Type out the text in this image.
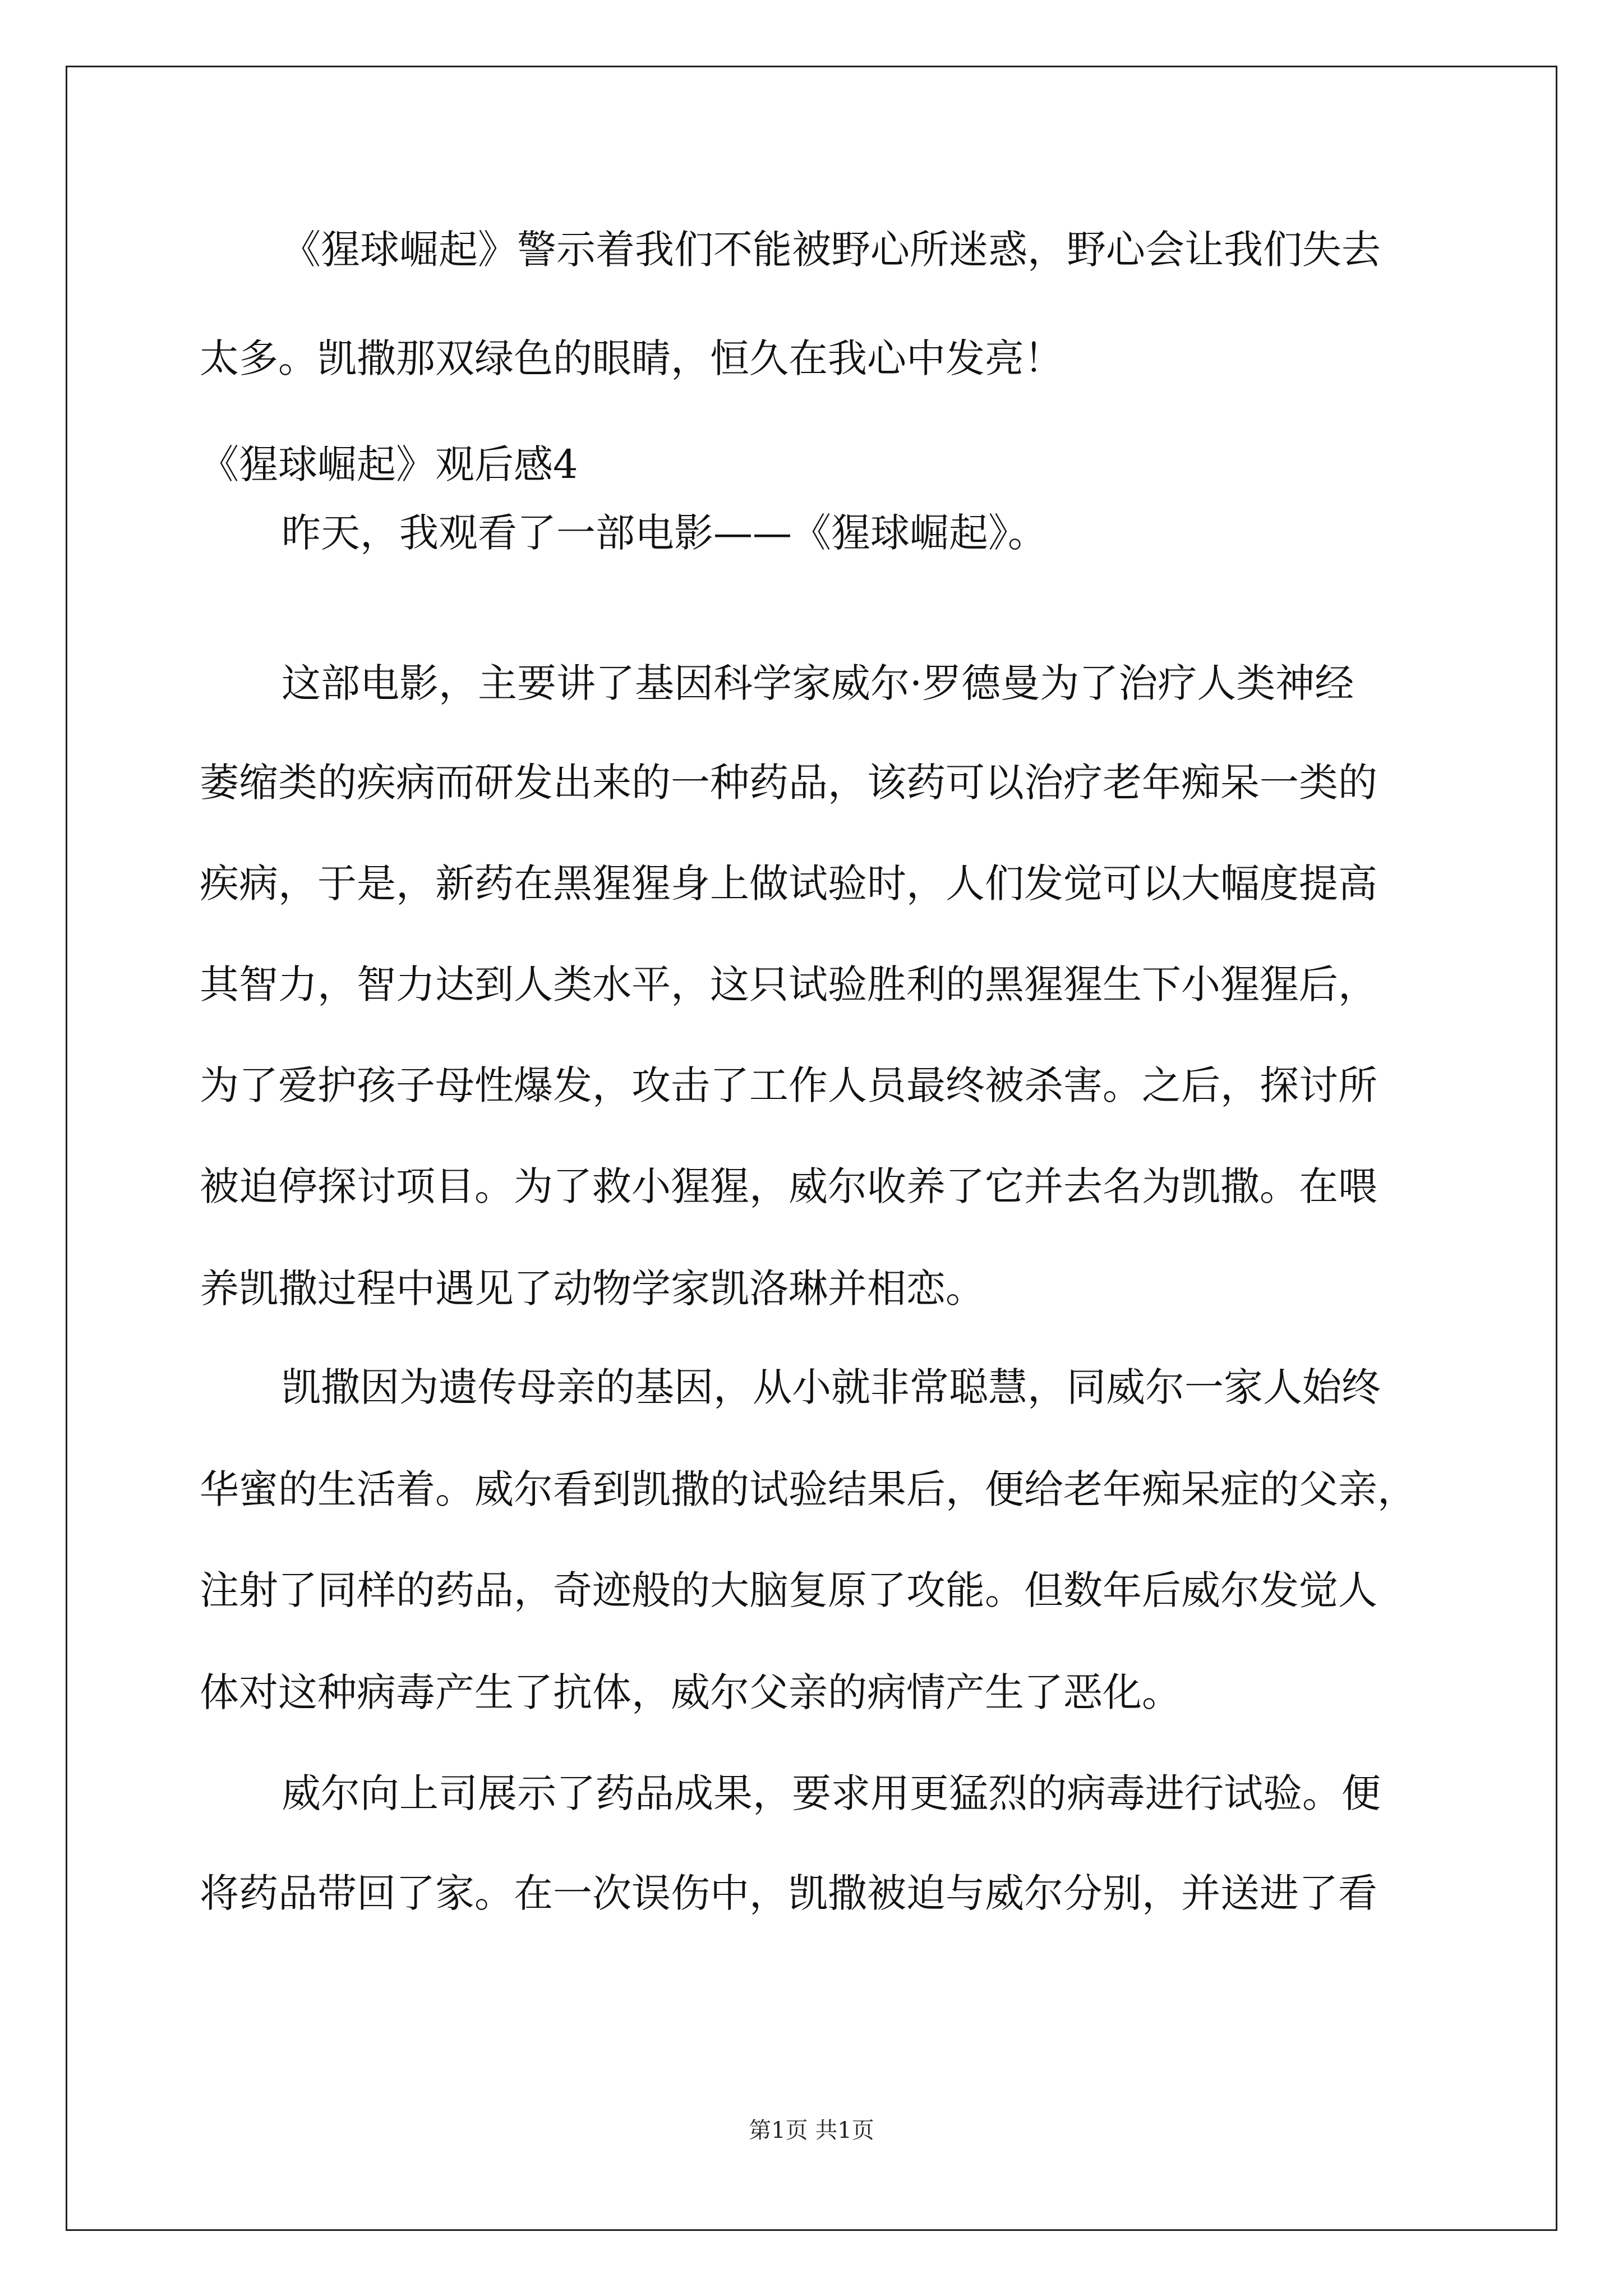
《猩球崛起》警示着我们不能被野心所迷惑，野心会让我们失去
太多。凯撒那双绿色的眼睛，恒久在我心中发亮！
《猩球崛起》观后感4
昨天，我观看了一部电影——《猩球崛起》。
这部电影，主要讲了基因科学家威尔·罗德曼为了治疗人类神经
萎缩类的疾病而研发出来的一种药品，该药可以治疗老年痴呆一类的
疾病，于是，新药在黑猩猩身上做试验时，人们发觉可以大幅度提高
其智力，智力达到人类水平，这只试验胜利的黑猩猩生下小猩猩后，
为了爱护孩子母性爆发，攻击了工作人员最终被杀害。之后，探讨所
被迫停探讨项目。为了救小猩猩，威尔收养了它并去名为凯撒。在喂
养凯撒过程中遇见了动物学家凯洛琳并相恋。
凯撒因为遗传母亲的基因，从小就非常聪慧，同威尔一家人始终
华蜜的生活着。威尔看到凯撒的试验结果后，便给老年痴呆症的父亲，
注射了同样的药品，奇迹般的大脑复原了攻能。但数年后威尔发觉人
体对这种病毒产生了抗体，威尔父亲的病情产生了恶化。
威尔向上司展示了药品成果，要求用更猛烈的病毒进行试验。便
将药品带回了家。在一次误伤中，凯撒被迫与威尔分别，并送进了看
第1页 共1页
